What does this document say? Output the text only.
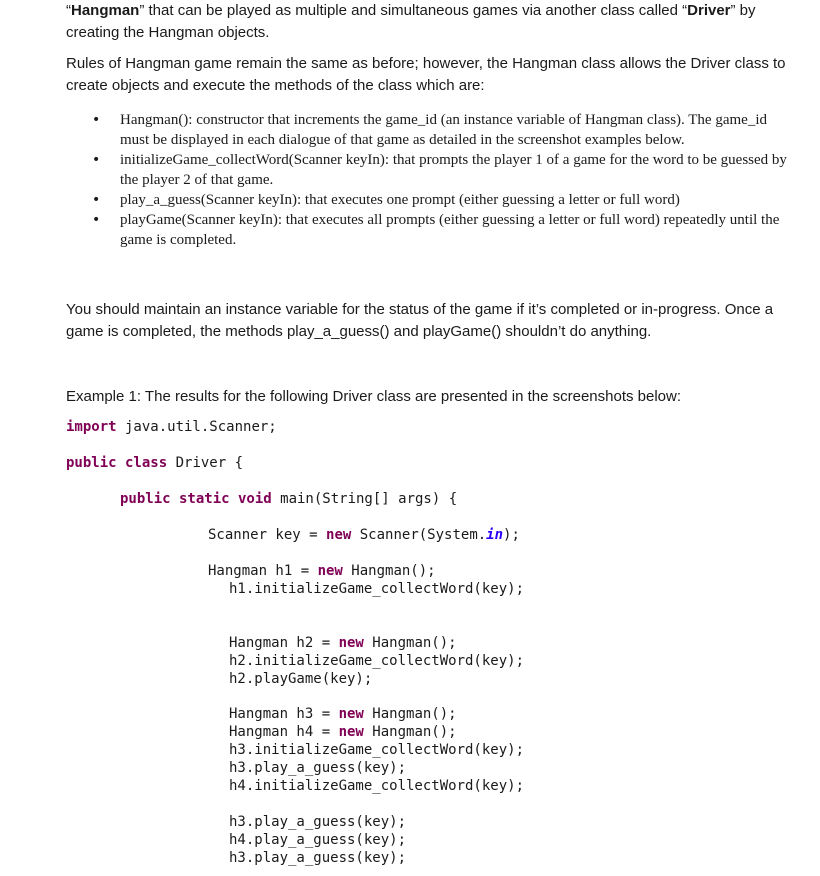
“Hangman” that can be played as multiple and simultaneous games via another class called “Driver” by creating the Hangman objects.

Rules of Hangman game remain the same as before; however, the Hangman class allows the Driver class to create objects and execute the methods of the class which are:

• Hangman(): constructor that increments the game_id (an instance variable of Hangman class). The game_id must be displayed in each dialogue of that game as detailed in the screenshot examples below.
• initializeGame_collectWord(Scanner keyIn): that prompts the player 1 of a game for the word to be guessed by the player 2 of that game.
• play_a_guess(Scanner keyIn): that executes one prompt (either guessing a letter or full word)
• playGame(Scanner keyIn): that executes all prompts (either guessing a letter or full word) repeatedly until the game is completed.

You should maintain an instance variable for the status of the game if it’s completed or in-progress. Once a game is completed, the methods play_a_guess() and playGame() shouldn’t do anything.

Example 1: The results for the following Driver class are presented in the screenshots below:

import java.util.Scanner;
public class Driver {
public static void main(String[] args) {
Scanner key = new Scanner(System.in);
Hangman h1 = new Hangman();
h1.initializeGame_collectWord(key);
Hangman h2 = new Hangman();
h2.initializeGame_collectWord(key);
h2.playGame(key);
Hangman h3 = new Hangman();
Hangman h4 = new Hangman();
h3.initializeGame_collectWord(key);
h3.play_a_guess(key);
h4.initializeGame_collectWord(key);
h3.play_a_guess(key);
h4.play_a_guess(key);
h3.play_a_guess(key);
